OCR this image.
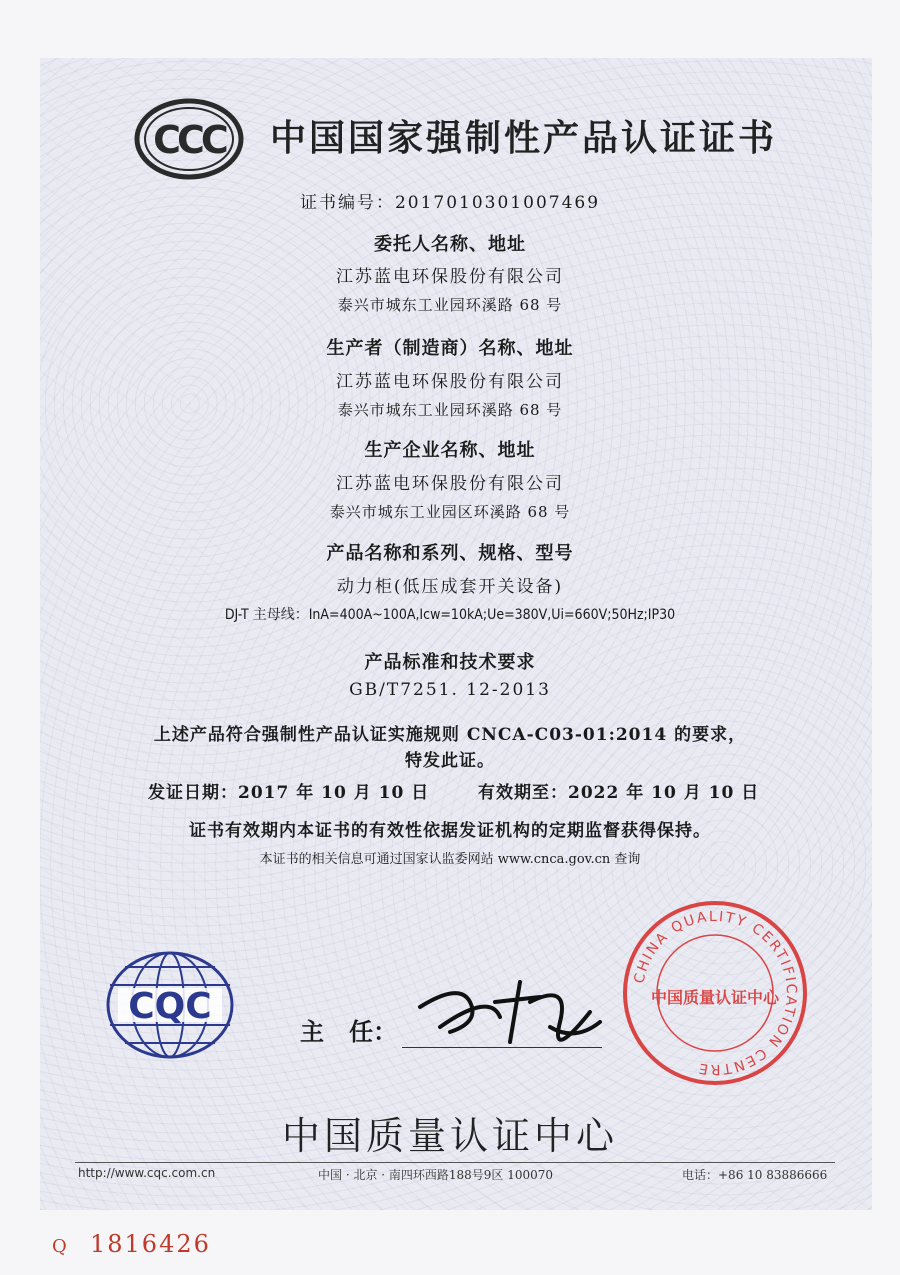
CCC 中国国家强制性产品认证证书
证书编号：2017010301007469
委托人名称、地址
江苏蓝电环保股份有限公司
泰兴市城东工业园环溪路 68 号
生产者（制造商）名称、地址
江苏蓝电环保股份有限公司
泰兴市城东工业园环溪路 68 号
生产企业名称、地址
江苏蓝电环保股份有限公司
泰兴市城东工业园区环溪路 68 号
产品名称和系列、规格、型号
动力柜(低压成套开关设备)
DJ-T 主母线：InA=400A~100A,Icw=10kA;Ue=380V,Ui=660V;50Hz;IP30
产品标准和技术要求
GB/T7251. 12-2013
上述产品符合强制性产品认证实施规则 CNCA-C03-01:2014 的要求，
特发此证。
发证日期：2017 年 10 月 10 日	有效期至：2022 年 10 月 10 日
证书有效期内本证书的有效性依据发证机构的定期监督获得保持。
本证书的相关信息可通过国家认监委网站 www.cnca.gov.cn 查询
CQC
主   任：
CHINA QUALITY CERTIFICATION CENTRE
中国质量认证中心
中国质量认证中心
http://www.cqc.com.cn	中国 · 北京 · 南四环西路188号9区 100070	电话：+86 10 83886666
Q 1816426
